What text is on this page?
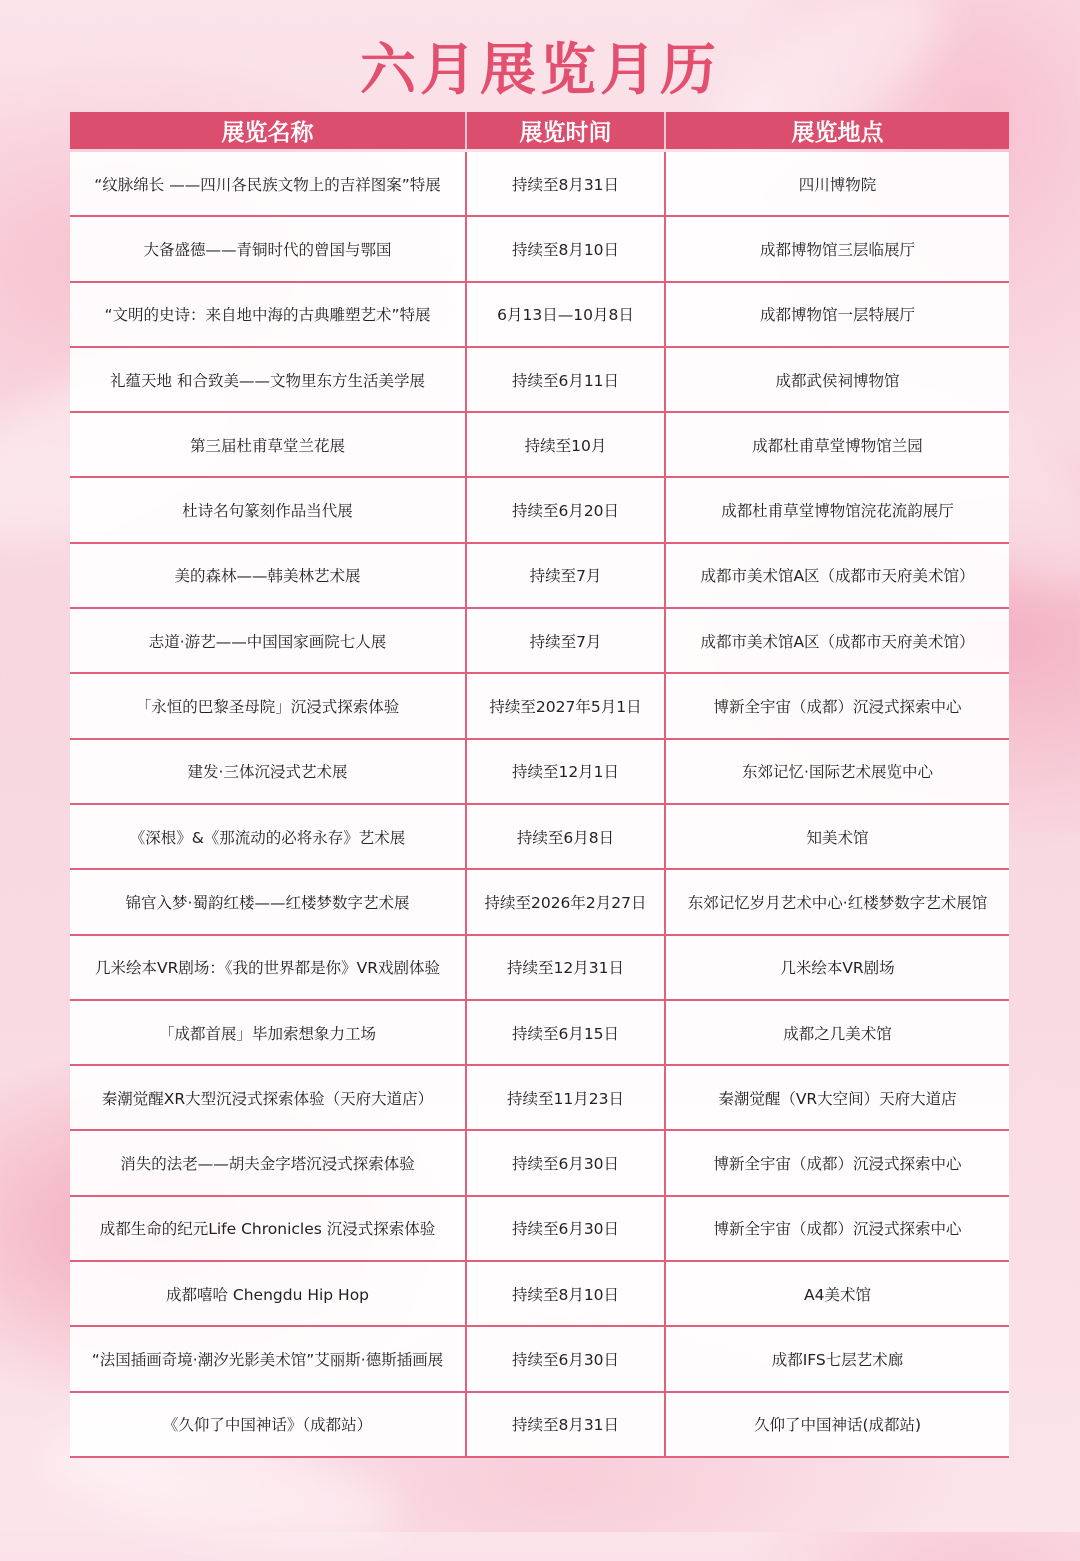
六月展览月历
展览名称	展览时间	展览地点
“纹脉绵长 ——四川各民族文物上的吉祥图案”特展	持续至8月31日	四川博物院
大备盛德——青铜时代的曾国与鄂国	持续至8月10日	成都博物馆三层临展厅
“文明的史诗：来自地中海的古典雕塑艺术”特展	6月13日—10月8日	成都博物馆一层特展厅
礼蕴天地 和合致美——文物里东方生活美学展	持续至6月11日	成都武侯祠博物馆
第三届杜甫草堂兰花展	持续至10月	成都杜甫草堂博物馆兰园
杜诗名句篆刻作品当代展	持续至6月20日	成都杜甫草堂博物馆浣花流韵展厅
美的森林——韩美林艺术展	持续至7月	成都市美术馆A区（成都市天府美术馆）
志道·游艺——中国国家画院七人展	持续至7月	成都市美术馆A区（成都市天府美术馆）
「永恒的巴黎圣母院」沉浸式探索体验	持续至2027年5月1日	博新全宇宙（成都）沉浸式探索中心
建发·三体沉浸式艺术展	持续至12月1日	东郊记忆·国际艺术展览中心
《深根》&《那流动的必将永存》艺术展	持续至6月8日	知美术馆
锦官入梦·蜀韵红楼——红楼梦数字艺术展	持续至2026年2月27日	东郊记忆岁月艺术中心·红楼梦数字艺术展馆
几米绘本VR剧场：《我的世界都是你》VR戏剧体验	持续至12月31日	几米绘本VR剧场
「成都首展」毕加索想象力工场	持续至6月15日	成都之几美术馆
秦潮觉醒XR大型沉浸式探索体验（天府大道店）	持续至11月23日	秦潮觉醒（VR大空间）天府大道店
消失的法老——胡夫金字塔沉浸式探索体验	持续至6月30日	博新全宇宙（成都）沉浸式探索中心
成都生命的纪元Life Chronicles 沉浸式探索体验	持续至6月30日	博新全宇宙（成都）沉浸式探索中心
成都嘻哈 Chengdu Hip Hop	持续至8月10日	A4美术馆
“法国插画奇境·潮汐光影美术馆”艾丽斯·德斯插画展	持续至6月30日	成都IFS七层艺术廊
《久仰了中国神话》（成都站）	持续至8月31日	久仰了中国神话(成都站)
